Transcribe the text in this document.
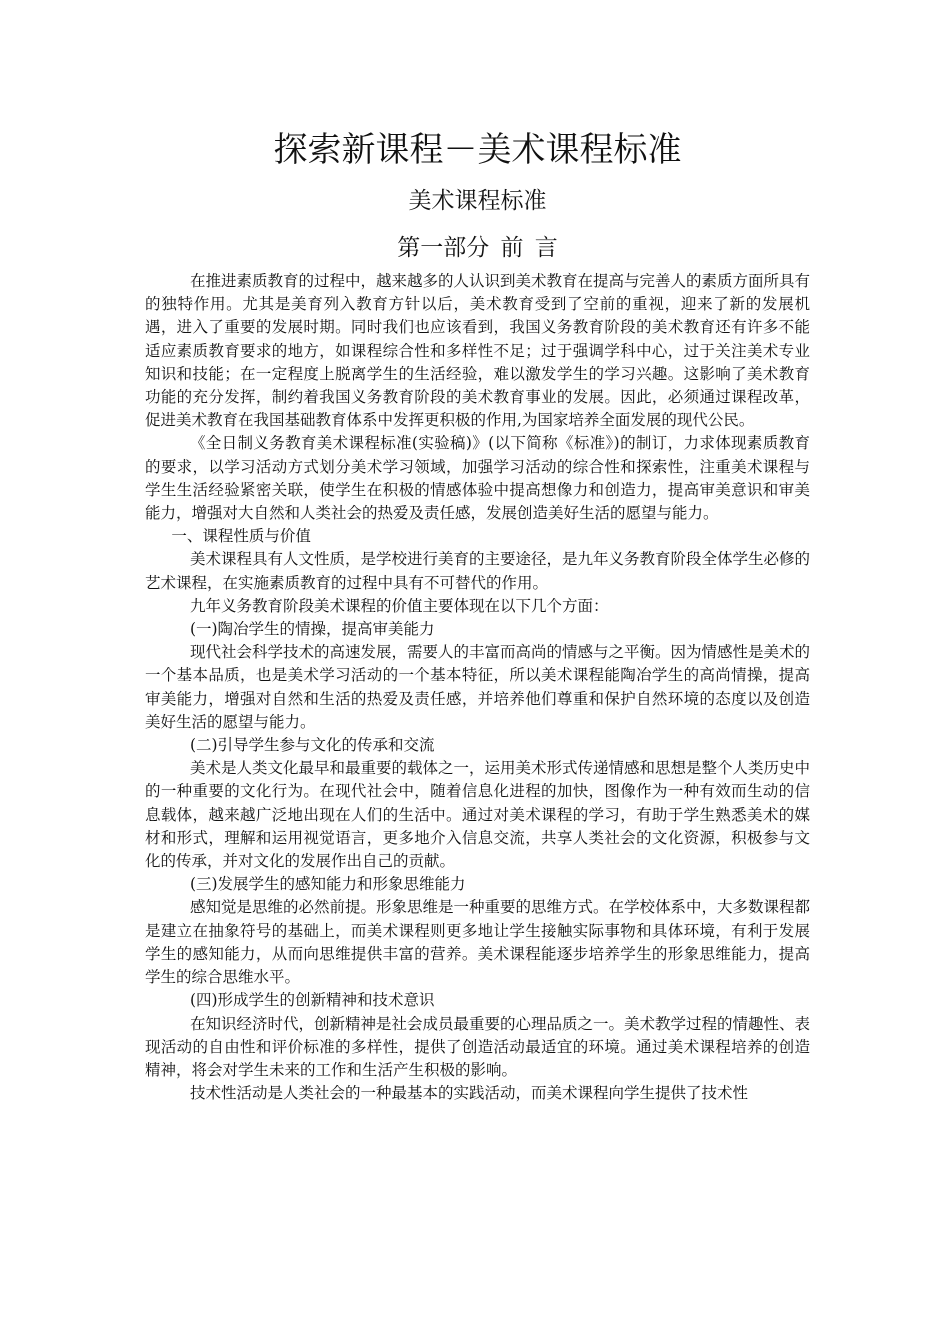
探索新课程－美术课程标准
美术课程标准
第一部分 前 言

在推进素质教育的过程中，越来越多的人认识到美术教育在提高与完善人的素质方面所具有的独特作用。尤其是美育列入教育方针以后，美术教育受到了空前的重视，迎来了新的发展机遇，进入了重要的发展时期。同时我们也应该看到，我国义务教育阶段的美术教育还有许多不能适应素质教育要求的地方，如课程综合性和多样性不足；过于强调学科中心，过于关注美术专业知识和技能；在一定程度上脱离学生的生活经验，难以激发学生的学习兴趣。这影响了美术教育功能的充分发挥，制约着我国义务教育阶段的美术教育事业的发展。因此，必须通过课程改革，促进美术教育在我国基础教育体系中发挥更积极的作用,为国家培养全面发展的现代公民。

《全日制义务教育美术课程标准(实验稿)》(以下简称《标准》)的制订，力求体现素质教育的要求，以学习活动方式划分美术学习领域，加强学习活动的综合性和探索性，注重美术课程与学生生活经验紧密关联，使学生在积极的情感体验中提高想像力和创造力，提高审美意识和审美能力，增强对大自然和人类社会的热爱及责任感，发展创造美好生活的愿望与能力。

一、课程性质与价值

美术课程具有人文性质，是学校进行美育的主要途径，是九年义务教育阶段全体学生必修的艺术课程，在实施素质教育的过程中具有不可替代的作用。

九年义务教育阶段美术课程的价值主要体现在以下几个方面：

(一)陶冶学生的情操，提高审美能力

现代社会科学技术的高速发展，需要人的丰富而高尚的情感与之平衡。因为情感性是美术的一个基本品质，也是美术学习活动的一个基本特征，所以美术课程能陶冶学生的高尚情操，提高审美能力，增强对自然和生活的热爱及责任感，并培养他们尊重和保护自然环境的态度以及创造美好生活的愿望与能力。

(二)引导学生参与文化的传承和交流

美术是人类文化最早和最重要的载体之一，运用美术形式传递情感和思想是整个人类历史中的一种重要的文化行为。在现代社会中，随着信息化进程的加快，图像作为一种有效而生动的信息载体，越来越广泛地出现在人们的生活中。通过对美术课程的学习，有助于学生熟悉美术的媒材和形式，理解和运用视觉语言，更多地介入信息交流，共享人类社会的文化资源，积极参与文化的传承，并对文化的发展作出自己的贡献。

(三)发展学生的感知能力和形象思维能力

感知觉是思维的必然前提。形象思维是一种重要的思维方式。在学校体系中，大多数课程都是建立在抽象符号的基础上，而美术课程则更多地让学生接触实际事物和具体环境，有利于发展学生的感知能力，从而向思维提供丰富的营养。美术课程能逐步培养学生的形象思维能力，提高学生的综合思维水平。

(四)形成学生的创新精神和技术意识

在知识经济时代，创新精神是社会成员最重要的心理品质之一。美术教学过程的情趣性、表现活动的自由性和评价标准的多样性，提供了创造活动最适宜的环境。通过美术课程培养的创造精神，将会对学生未来的工作和生活产生积极的影响。

技术性活动是人类社会的一种最基本的实践活动，而美术课程向学生提供了技术性
